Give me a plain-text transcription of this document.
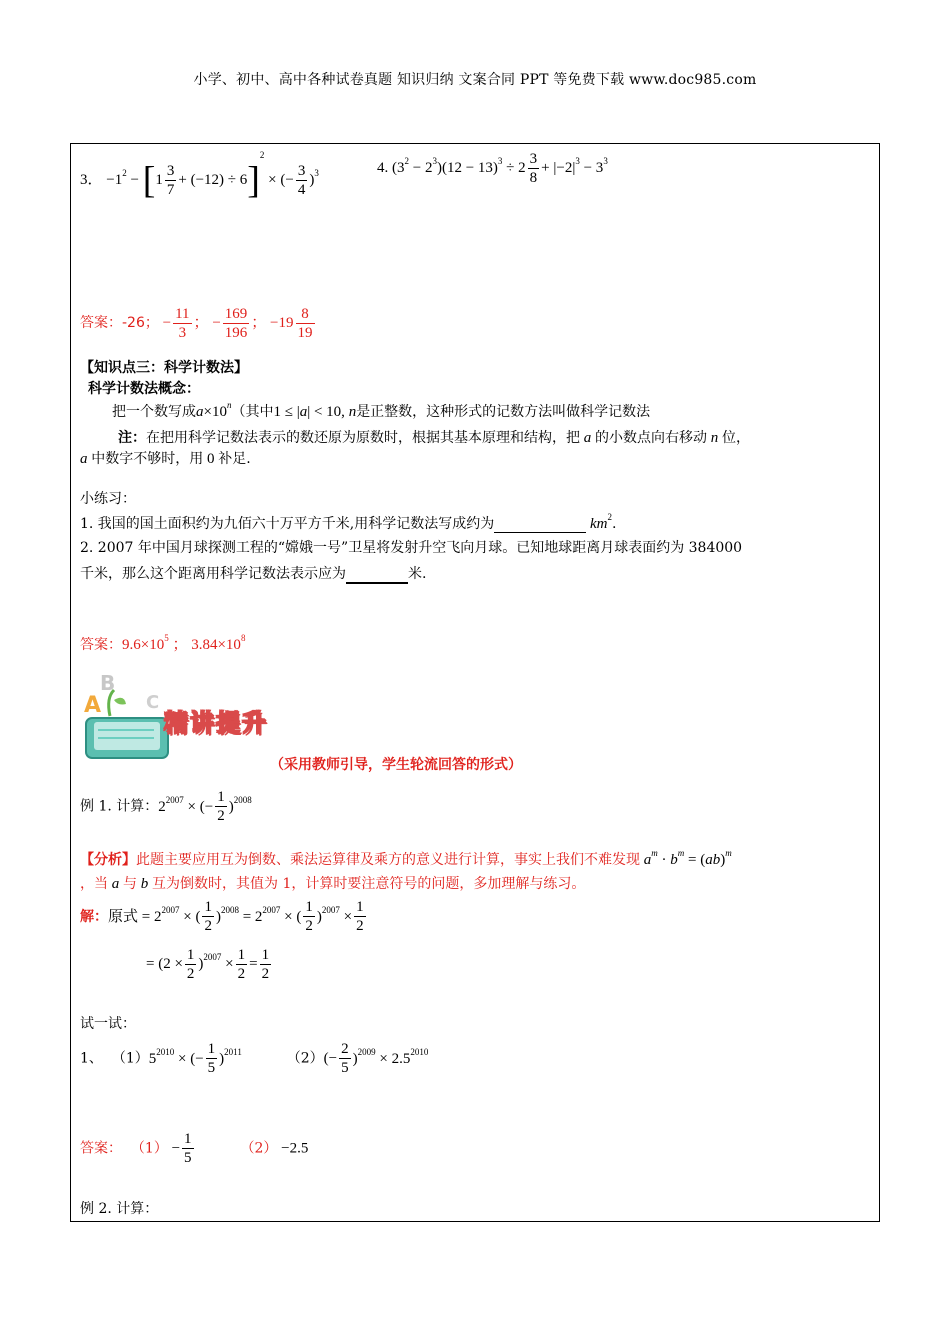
小学、初中、高中各种试卷真题 知识归纳 文案合同 PPT 等免费下载 www.doc985.com
3． $-1^2 - [1 \frac{3}{7} + (-12) \div 6]^2$ × (− $\frac{3}{4} )^3$	4. $(3^2 - 2^3)(12 - 13)^3 \div 2 \frac{3}{8} + |-2|^3 - 3^3$
答案：-26； − $\frac{11}{3}$ ； − $\frac{169}{196}$ ； $-19 \frac{8}{19}$
【知识点三：科学计数法】
科学计数法概念：
把一个数写成$a\times 10^n$（其中1 ≤ |a| < 10, n是正整数，这种形式的记数方法叫做科学记数法
注：在把用科学记数法表示的数还原为原数时，根据其基本原理和结构，把 a 的小数点向右移动 n 位，
a 中数字不够时，用 0 补足.
小练习：
1. 我国的国土面积约为九佰六十万平方千米,用科学记数法写成约为	$km^2$.
2. 2007 年中国月球探测工程的“嫦娥一号”卫星将发射升空飞向月球。已知地球距离月球表面约为 384000
千米，那么这个距离用科学记数法表示应为	米.
答案：$9.6\times 10^5$ ； $3.84\times 10^8$
A
B
C
精讲提升
（采用教师引导，学生轮流回答的形式）
例 1. 计算：$2^{2007}$ × (− $\frac{1}{2} )^{2008}$
【分析】此题主要应用互为倒数、乘法运算律及乘方的意义进行计算，事实上我们不难发现 $a^m \cdot b^m = (ab)^m$
，当 a 与 b 互为倒数时，其值为 1，计算时要注意符号的问题，多加理解与练习。
解：原式 = $2^{2007}$ × ( $\frac{1}{2} )^{2008} = 2^{2007}$ × ( $\frac{1}{2} )^{2007} \times \frac{1}{2}$
= $(2 \times \frac{1}{2} )^{2007} \times \frac{1}{2} = \frac{1}{2}$
试一试：
1、 $(1)5^{2010}$ × (− $\frac{1}{5} )^{2011}$	$(2)(- \frac{2}{5} )^{2009} \times 2.5^{2010}$
答案： $(1) - \frac{1}{5}$	（2） −2.5
例 2. 计算：
